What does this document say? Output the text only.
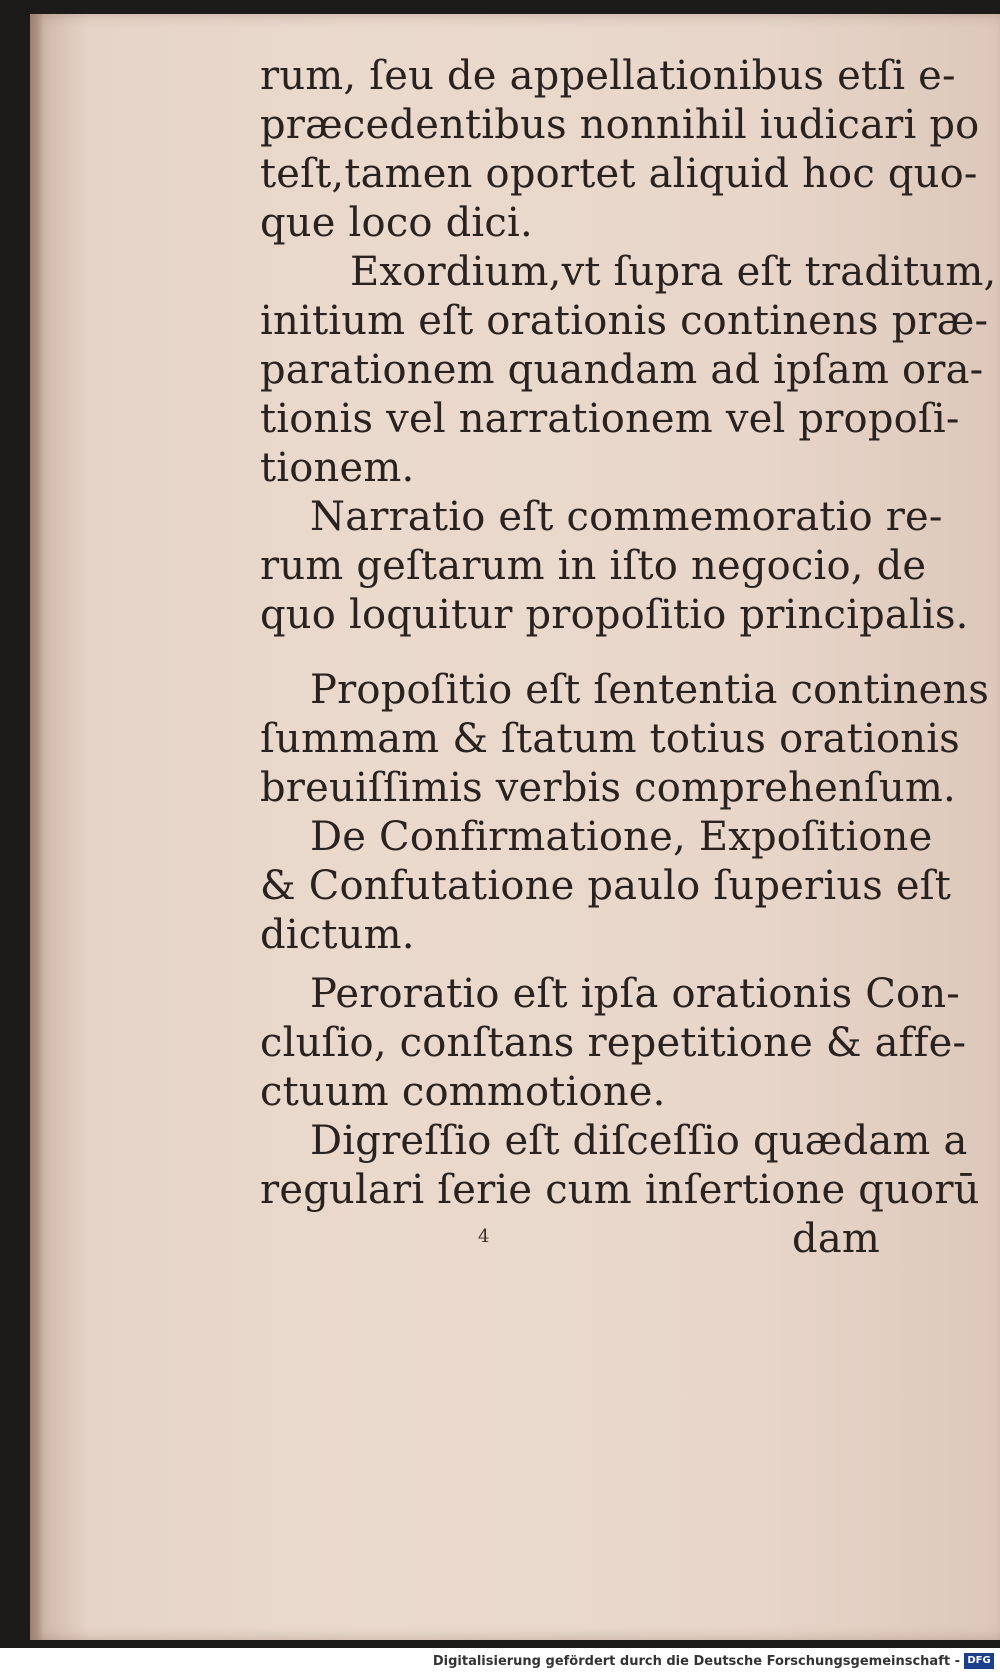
rum, ſeu de appellationibus etſi e-
præcedentibus nonnihil iudicari po
teſt,tamen oportet aliquid hoc quo-
que loco dici.

Exordium,vt ſupra eſt traditum,
initium eſt orationis continens præ-
parationem quandam ad ipſam ora-
tionis vel narrationem vel propoſi-
tionem.

Narratio eſt commemoratio re-
rum geſtarum in iſto negocio, de
quo loquitur propoſitio principalis.

Propoſitio eſt ſententia continens
ſummam & ſtatum totius orationis
breuiſſimis verbis comprehenſum.

De Confirmatione, Expoſitione
& Confutatione paulo ſuperius eſt
dictum.

Peroratio eſt ipſa orationis Con-
cluſio, conſtans repetitione & affe-
ctuum commotione.

Digreſſio eſt diſceſſio quædam a
regulari ſerie cum inſertione quorū
dam

4
Digitalisierung gefördert durch die Deutsche Forschungsgemeinschaft - DFG
